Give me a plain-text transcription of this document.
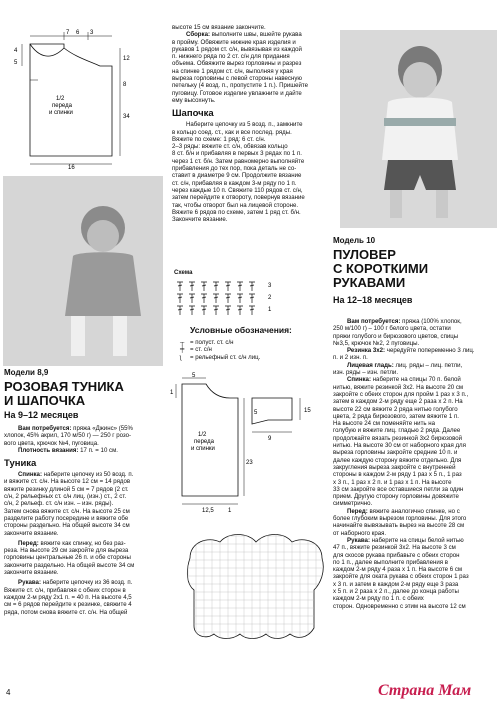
7 6 3
4
5
12
8
1/2
переда
и спинки
34
16
Модели 8,9
РОЗОВАЯ ТУНИКА
И ШАПОЧКА
На 9–12 месяцев
Вам потребуется: пряжа «Джинс» (55%
хлопок, 45% акрил, 170 м/50 г) — 250 г розо-
вого цвета, крючок №4, пуговица.
Плотность вязания: 17 п. = 10 см.
Туника
Спинка: наберите цепочку из 50 возд. п.
и вяжите ст. с/н. На высоте 12 см = 14 рядов
вяжите резинку длиной 5 см = 7 рядов (2 ст.
с/н, 2 рельефных ст. с/н лиц. (изн.) ст., 2 ст.
с/н, 2 рельеф. ст. с/н изн. – изн. ряды).
Затем снова вяжите ст. с/н. На высоте 25 см
разделите работу посередине и вяжите обе
стороны раздельно. На общей высоте 34 см
закончите вязание.
Перед: вяжите как спинку, но без раз-
реза. На высоте 29 см закройте для выреза
горловины центральные 26 п. и обе стороны
закончите раздельно. На общей высоте 34 см
закончите вязание.
Рукава: наберите цепочку из 36 возд. п.
Вяжите ст. с/н, прибавляя с обеих сторон в
каждом 2-м ряду 2x1 п. = 40 п. На высоте 4,5
см = 6 рядов перейдите к резинке, свяжите 4
ряда, потом снова вяжите ст. с/н. На общей
4
высоте 15 см вязание закончите.
Сборка: выполните швы, вшейте рукава
в пройму. Обвяжите нижние края изделия и
рукавов 1 рядом ст. с/н, вывязывая из каждой
п. нижнего ряда по 2 ст. с/н для придания
объема. Обвяжите вырез горловины и разрез
на спинке 1 рядом ст. с/н, выполняя у края
выреза горловины с левой стороны навесную
петельку (4 возд. п., пропустите 1 п.). Пришейте
пуговицу. Готовое изделие увлажните и дайте
ему высохнуть.
Шапочка
Наберите цепочку из 5 возд. п., замкните
в кольцо соед. ст., как и все послед. ряды.
Вяжите по схеме: 1 ряд: 6 ст. с/н.
2–3 ряды: вяжите ст. с/н, обвязав кольцо
8 ст. б/н и прибавляя в первых 3 рядах по 1 п.
через 1 ст. б/н. Затем равномерно выполняйте
прибавления до тех пор, пока деталь не со-
ставит в диаметре 9 см. Продолжите вязание
ст. с/н, прибавляя в каждом 3-м ряду по 1 п.
через каждые 10 п. Свяжите 110 рядов ст. с/н,
затем перейдите к отвороту, повернув вязание
так, чтобы отворот был на лицевой стороне.
Вяжите 6 рядов по схеме, затем 1 ряд ст. б/н.
Закончите вязание.
Схема
3
2
1
Условные обозначения:
┬ = полуст. ст. с/н
╪ = ст. с/н
ʅ = рельефный ст. с/н лиц.
5
1
1/2
переда
и спинки
23
15
9
5
12,5 1
Модель 10
ПУЛОВЕР
С КОРОТКИМИ
РУКАВАМИ
На 12–18 месяцев
Вам потребуется: пряжа (100% хлопок,
250 м/100 г) – 100 г белого цвета, остатки
пряжи голубого и бирюзового цветов, спицы
№3,5, крючок №2, 2 пуговицы.
Резинка 3х2: чередуйте попеременно 3 лиц.
п. и 2 изн. п.
Лицевая гладь: лиц. ряды – лиц. петли,
изн. ряды – изн. петли.
Спинка: наберите на спицы 70 п. белой
нитью, вяжите резинкой 3х2. На высоте 20 см
закройте с обеих сторон для пройм 1 раз х 3 п.,
затем в каждом 2-м ряду еще 2 раза х 2 п. На
высоте 22 см вяжите 2 ряда нитью голубого
цвета, 2 ряда бирюзового, затем вяжите 1 п.
На высоте 24 см поменяйте нить на
голубую и вяжите лиц. гладью 2 ряда. Далее
продолжайте вязать резинкой 3х2 бирюзовой
нитью. На высоте 30 см от наборного края для
выреза горловины закройте средние 10 п. и
далее каждую сторону вяжите отдельно. Для
закругления выреза закройте с внутренней
стороны в каждом 2-м ряду 1 раз х 5 п., 1 раз
х 3 п., 1 раз х 2 п. и 1 раз х 1 п. На высоте
33 см закройте все оставшиеся петли за один
прием. Другую сторону горловины довяжите
симметрично.
Перед: вяжите аналогично спинке, но с
более глубоким вырезом горловины. Для этого
начинайте вывязывать вырез на высоте 28 см
от наборного края.
Рукава: наберите на спицы белой нитью
47 п., вяжите резинкой 3х2. На высоте 3 см
для скосов рукава прибавьте с обеих сторон
по 1 п., далее выполните прибавления в
каждом 2-м ряду 4 раза х 1 п. На высоте 6 см
закройте для оката рукава с обеих сторон 1 раз
х 3 п. и затем в каждом 2-м ряду еще 3 раза
х 5 п. и 2 раза х 2 п., далее до конца работы
каждом 2-м ряду по 1 п. с обеих
сторон. Одновременно с этим на высоте 12 см
Страна Мам
